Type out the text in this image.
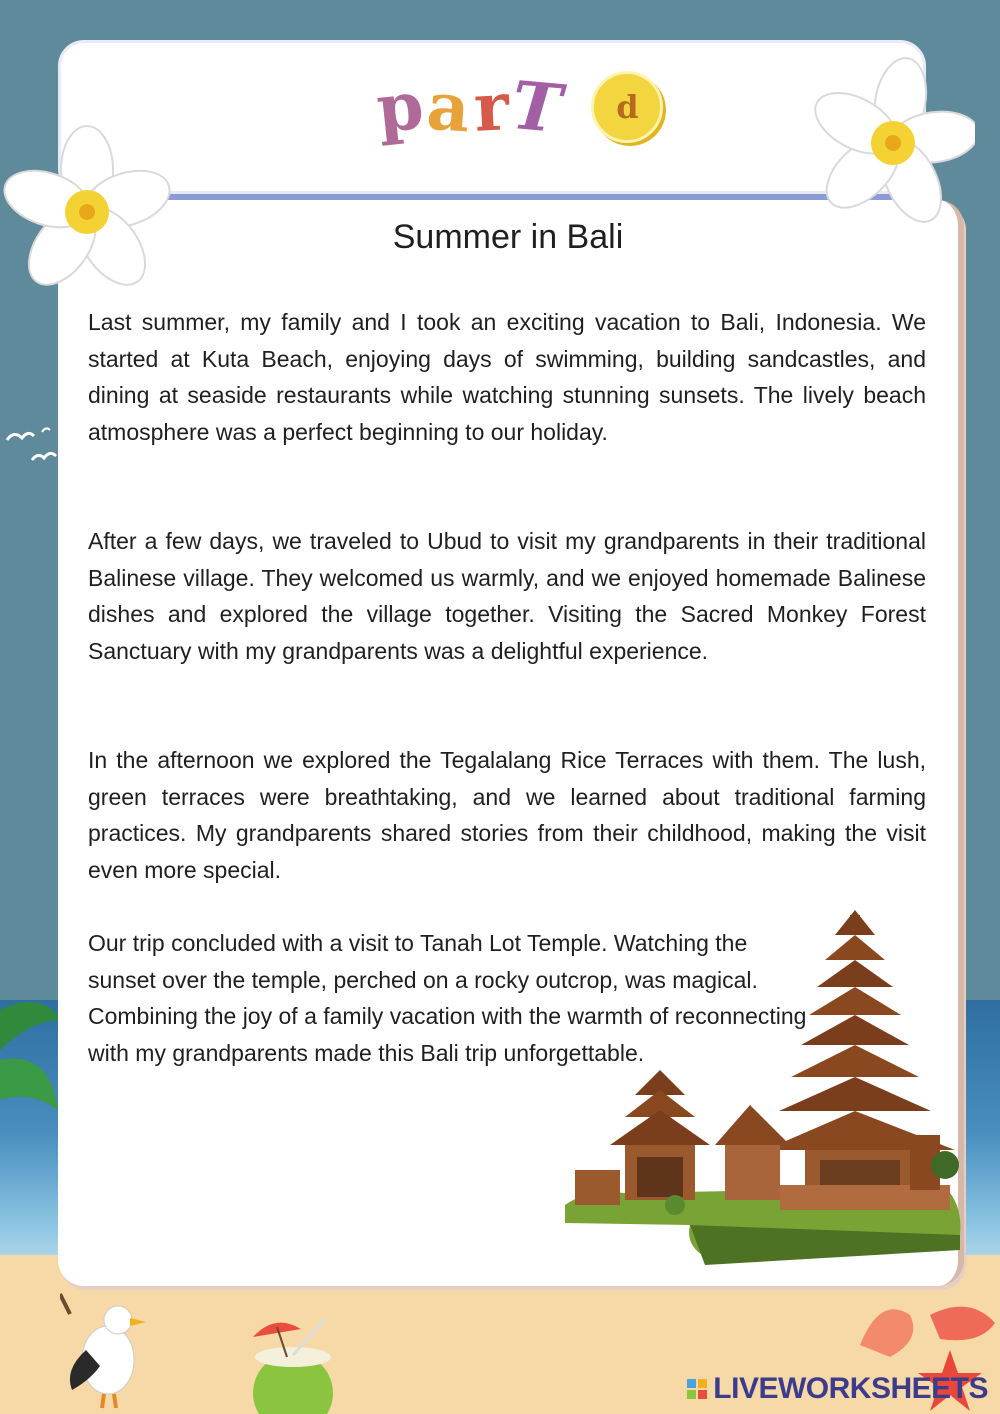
p
a r
T	d
Summer in Bali

Last summer, my family and I took an exciting vacation to Bali, Indonesia. We started at Kuta Beach, enjoying days of swimming, building sandcastles, and dining at seaside restaurants while watching stunning sunsets. The lively beach atmosphere was a perfect beginning to our holiday.

After a few days, we traveled to Ubud to visit my grandparents in their traditional Balinese village. They welcomed us warmly, and we enjoyed homemade Balinese dishes and explored the village together. Visiting the Sacred Monkey Forest Sanctuary with my grandparents was a delightful experience.

In the afternoon we explored the Tegalalang Rice Terraces with them. The lush, green terraces were breathtaking, and we learned about traditional farming practices. My grandparents shared stories from their childhood, making the visit even more special.

Our trip concluded with a visit to Tanah Lot Temple. Watching the sunset over the temple, perched on a rocky outcrop, was magical. Combining the joy of a family vacation with the warmth of reconnecting with my grandparents made this Bali trip unforgettable.

LIVEWORKSHEETS
